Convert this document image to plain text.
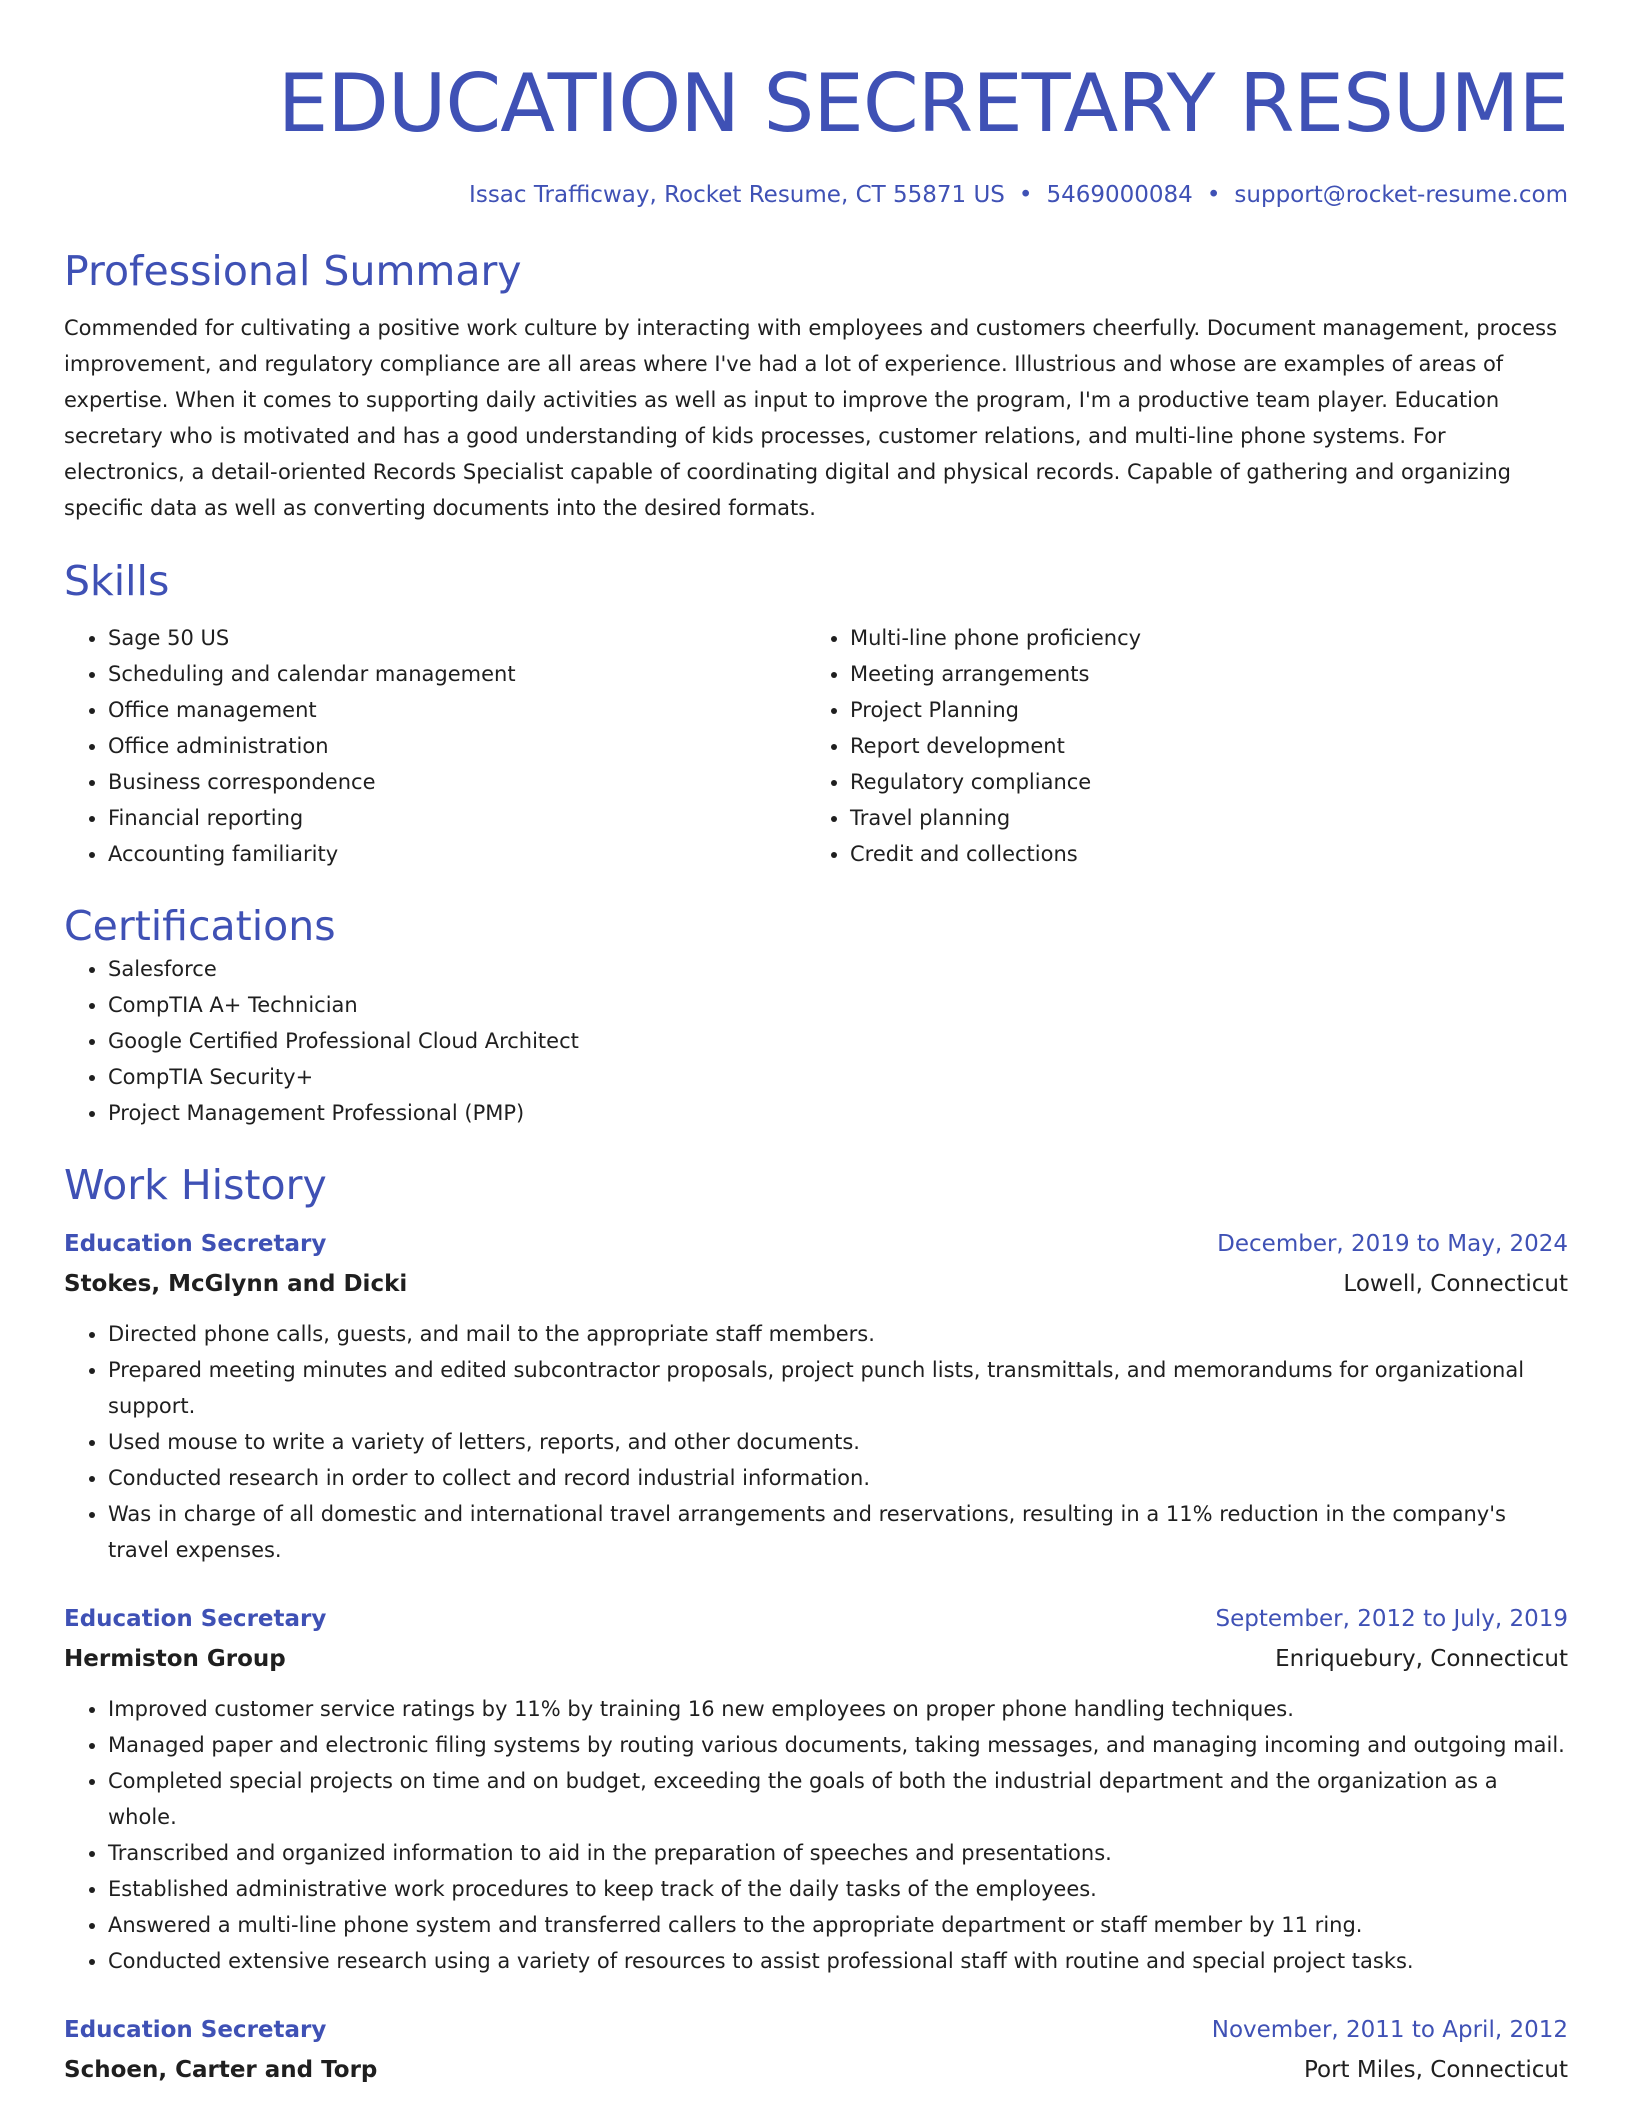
EDUCATION SECRETARY RESUME
Issac Trafficway, Rocket Resume, CT 55871 US • 5469000084 • support@rocket-resume.com
Professional Summary

Commended for cultivating a positive work culture by interacting with employees and customers cheerfully. Document management, process improvement, and regulatory compliance are all areas where I've had a lot of experience. Illustrious and whose are examples of areas of expertise. When it comes to supporting daily activities as well as input to improve the program, I'm a productive team player. Education secretary who is motivated and has a good understanding of kids processes, customer relations, and multi-line phone systems. For electronics, a detail-oriented Records Specialist capable of coordinating digital and physical records. Capable of gathering and organizing specific data as well as converting documents into the desired formats.

Skills
• Sage 50 US
• Scheduling and calendar management
• Office management
• Office administration
• Business correspondence
• Financial reporting
• Accounting familiarity
• Multi-line phone proficiency
• Meeting arrangements
• Project Planning
• Report development
• Regulatory compliance
• Travel planning
• Credit and collections
Certifications
• Salesforce
• CompTIA A+ Technician
• Google Certified Professional Cloud Architect
• CompTIA Security+
• Project Management Professional (PMP)
Work History
Education Secretary	December, 2019 to May, 2024
Stokes, McGlynn and Dicki	Lowell, Connecticut
• Directed phone calls, guests, and mail to the appropriate staff members.
• Prepared meeting minutes and edited subcontractor proposals, project punch lists, transmittals, and memorandums for organizational support.
• Used mouse to write a variety of letters, reports, and other documents.
• Conducted research in order to collect and record industrial information.
• Was in charge of all domestic and international travel arrangements and reservations, resulting in a 11% reduction in the company's travel expenses.
Education Secretary	September, 2012 to July, 2019
Hermiston Group	Enriquebury, Connecticut
• Improved customer service ratings by 11% by training 16 new employees on proper phone handling techniques.
• Managed paper and electronic filing systems by routing various documents, taking messages, and managing incoming and outgoing mail.
• Completed special projects on time and on budget, exceeding the goals of both the industrial department and the organization as a whole.
• Transcribed and organized information to aid in the preparation of speeches and presentations.
• Established administrative work procedures to keep track of the daily tasks of the employees.
• Answered a multi-line phone system and transferred callers to the appropriate department or staff member by 11 ring.
• Conducted extensive research using a variety of resources to assist professional staff with routine and special project tasks.
Education Secretary	November, 2011 to April, 2012
Schoen, Carter and Torp	Port Miles, Connecticut
